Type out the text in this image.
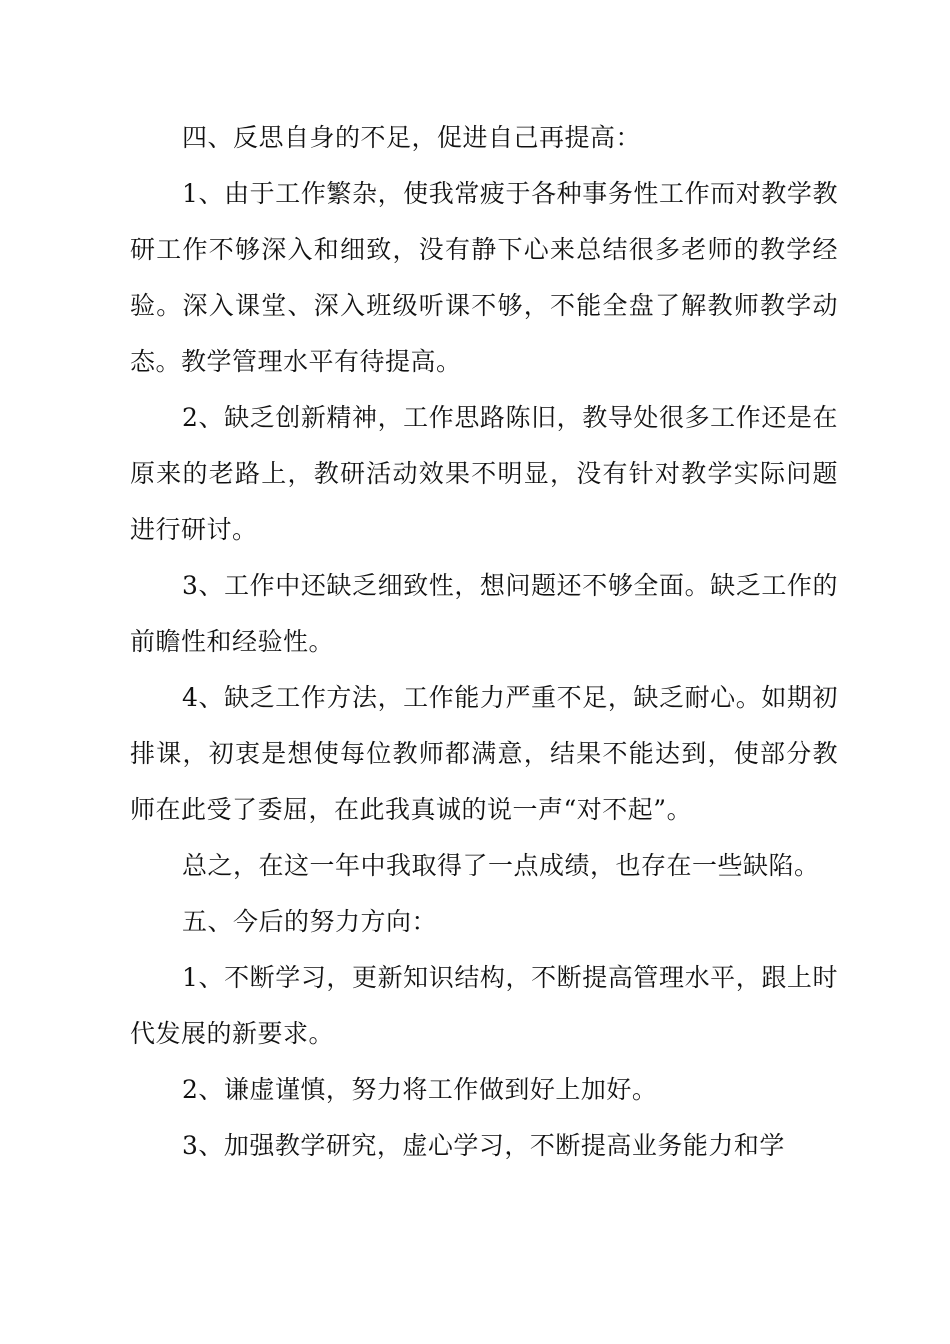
四、反思自身的不足，促进自己再提高：

1、由于工作繁杂，使我常疲于各种事务性工作而对教学教研工作不够深入和细致，没有静下心来总结很多老师的教学经验。深入课堂、深入班级听课不够，不能全盘了解教师教学动态。教学管理水平有待提高。

2、缺乏创新精神，工作思路陈旧，教导处很多工作还是在原来的老路上，教研活动效果不明显，没有针对教学实际问题进行研讨。

3、工作中还缺乏细致性，想问题还不够全面。缺乏工作的前瞻性和经验性。

4、缺乏工作方法，工作能力严重不足，缺乏耐心。如期初排课，初衷是想使每位教师都满意，结果不能达到，使部分教师在此受了委屈，在此我真诚的说一声“对不起”。

总之，在这一年中我取得了一点成绩，也存在一些缺陷。

五、今后的努力方向：

1、不断学习，更新知识结构，不断提高管理水平，跟上时代发展的新要求。

2、谦虚谨慎，努力将工作做到好上加好。

3、加强教学研究，虚心学习，不断提高业务能力和学
